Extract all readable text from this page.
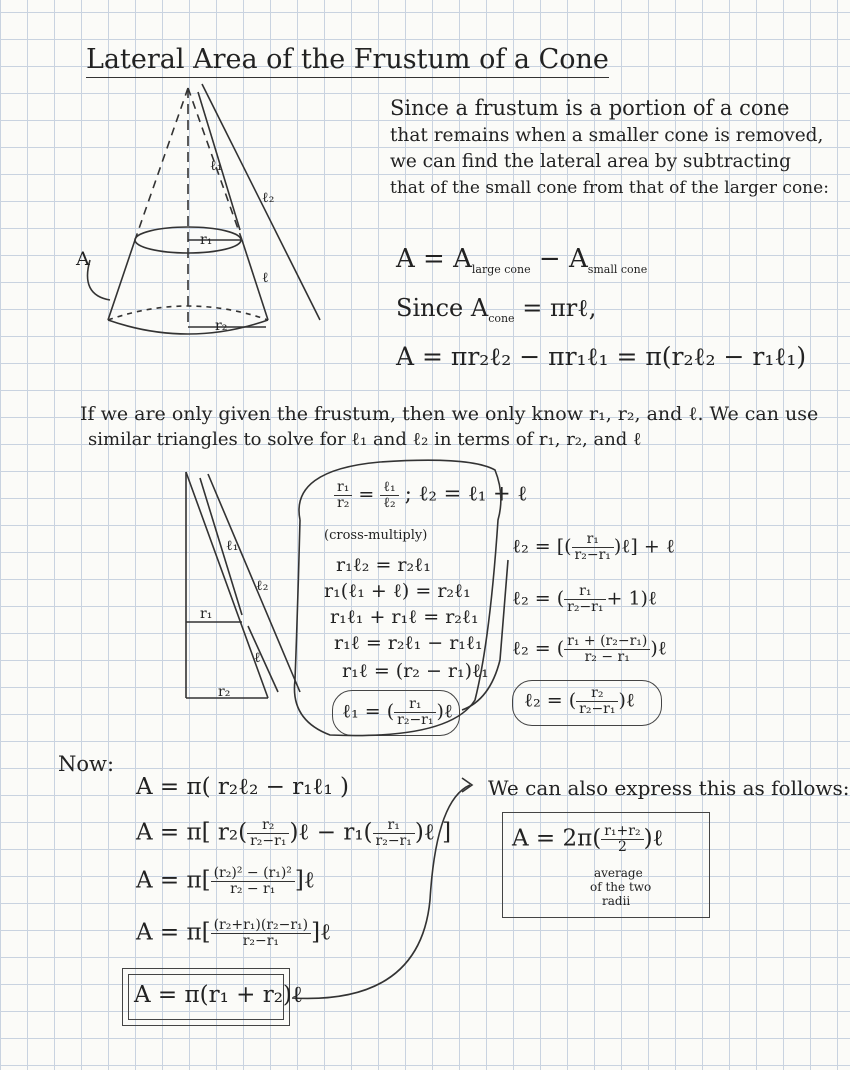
Lateral Area of the Frustum of a Cone
A
ℓ₁
ℓ₂
ℓ
r₁
r₂
Since a frustum is a portion of a cone
that remains when a smaller cone is removed,
we can find the lateral area by subtracting
that of the small cone from that of the larger cone:
$A = A_{large cone} - A_{small cone}$
Since $A_{cone}$ = πrℓ,
A = πr₂ℓ₂ − πr₁ℓ₁ = π(r₂ℓ₂ − r₁ℓ₁)
If we are only given the frustum, then we only know r₁, r₂, and ℓ. We can use
similar triangles to solve for ℓ₁ and ℓ₂ in terms of r₁, r₂, and ℓ
ℓ₁
ℓ₂
ℓ
r₁
r₂
$\frac{\text{r₁}}{\text{r₂}} = \frac{\text{ℓ₁}}{\text{ℓ₂}}$ ; ℓ₂ = ℓ₁ + ℓ
(cross-multiply)
r₁ℓ₂ = r₂ℓ₁
r₁(ℓ₁ + ℓ) = r₂ℓ₁
r₁ℓ₁ + r₁ℓ = r₂ℓ₁
r₁ℓ = r₂ℓ₁ − r₁ℓ₁
r₁ℓ = (r₂ − r₁)ℓ₁
ℓ₁ = ( $\frac{\text{r₁}}{\text{r₂−r₁}}$ )ℓ
ℓ₂ = [( $\frac{\text{r₁}}{\text{r₂−r₁}}$ )ℓ] + ℓ
ℓ₂ = ( $\frac{\text{r₁}}{\text{r₂−r₁}}$ + 1)ℓ
ℓ₂ = ( $\frac{\text{r₁ + (r₂−r₁)}}{\text{r₂ − r₁}}$ )ℓ
ℓ₂ = ( $\frac{\text{r₂}}{\text{r₂−r₁}}$ )ℓ
Now:
A = π( r₂ℓ₂ − r₁ℓ₁ )
A = π[ $r_2( \frac{\text{r₂}}{\text{r₂−r₁}}$ )ℓ − $r_1( \frac{\text{r₁}}{\text{r₂−r₁}}$ )ℓ ]
$A = \pi[ \frac{\text{(r₂)² − (r₁)²}}{\text{r₂ − r₁}}$ ]ℓ
$A = \pi[ \frac{\text{(r₂+r₁)(r₂−r₁)}}{\text{r₂−r₁}}$ ]ℓ
A = π(r₁ + r₂)ℓ
We can also express this as follows:
$A = 2\pi( \frac{\text{r₁+r₂}}{2}$ )ℓ
average
of the two
radii
